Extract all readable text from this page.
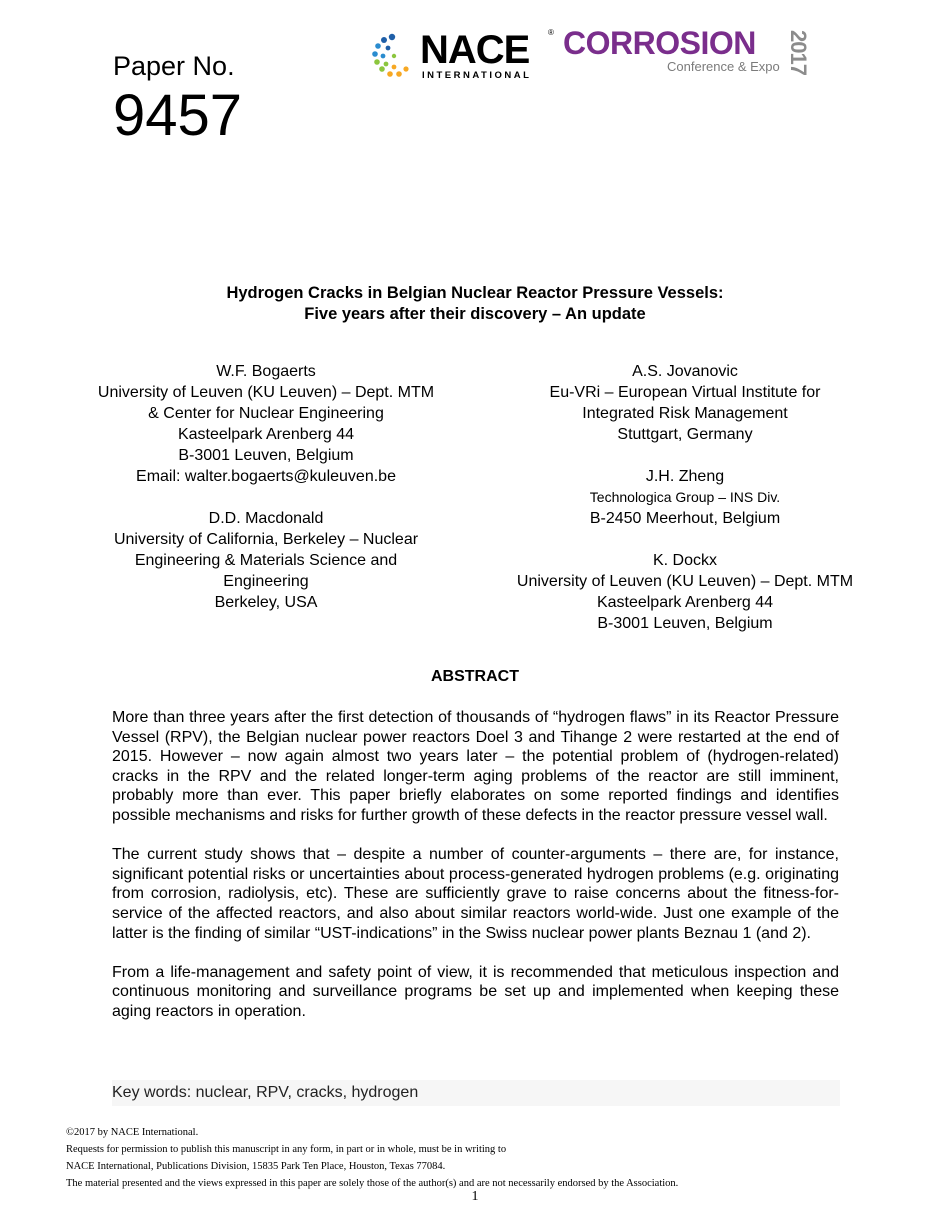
Paper No.
9457
NACE ®
INTERNATIONAL
CORROSION
Conference & Expo 2017
Hydrogen Cracks in Belgian Nuclear Reactor Pressure Vessels:
Five years after their discovery – An update

W.F. Bogaerts

University of Leuven (KU Leuven) – Dept. MTM

& Center for Nuclear Engineering

Kasteelpark Arenberg 44

B-3001 Leuven, Belgium

Email: walter.bogaerts@kuleuven.be

D.D. Macdonald

University of California, Berkeley – Nuclear

Engineering & Materials Science and

Engineering

Berkeley, USA

A.S. Jovanovic

Eu-VRi – European Virtual Institute for

Integrated Risk Management

Stuttgart, Germany

J.H. Zheng

Technologica Group – INS Div.

B-2450 Meerhout, Belgium

K. Dockx

University of Leuven (KU Leuven) – Dept. MTM

Kasteelpark Arenberg 44

B-3001 Leuven, Belgium

ABSTRACT

More than three years after the first detection of thousands of “hydrogen flaws” in its Reactor Pressure Vessel (RPV), the Belgian nuclear power reactors Doel 3 and Tihange 2 were restarted at the end of 2015. However – now again almost two years later – the potential problem of (hydrogen-related) cracks in the RPV and the related longer-term aging problems of the reactor are still imminent, probably more than ever. This paper briefly elaborates on some reported findings and identifies possible mechanisms and risks for further growth of these defects in the reactor pressure vessel wall.

The current study shows that – despite a number of counter-arguments – there are, for instance, significant potential risks or uncertainties about process-generated hydrogen problems (e.g. originating from corrosion, radiolysis, etc). These are sufficiently grave to raise concerns about the fitness-for-service of the affected reactors, and also about similar reactors world-wide. Just one example of the latter is the finding of similar “UST-indications” in the Swiss nuclear power plants Beznau 1 (and 2).

From a life-management and safety point of view, it is recommended that meticulous inspection and continuous monitoring and surveillance programs be set up and implemented when keeping these aging reactors in operation.

Key words: nuclear, RPV, cracks, hydrogen

©2017 by NACE International.

Requests for permission to publish this manuscript in any form, in part or in whole, must be in writing to

NACE International, Publications Division, 15835 Park Ten Place, Houston, Texas 77084.

The material presented and the views expressed in this paper are solely those of the author(s) and are not necessarily endorsed by the Association.

1
